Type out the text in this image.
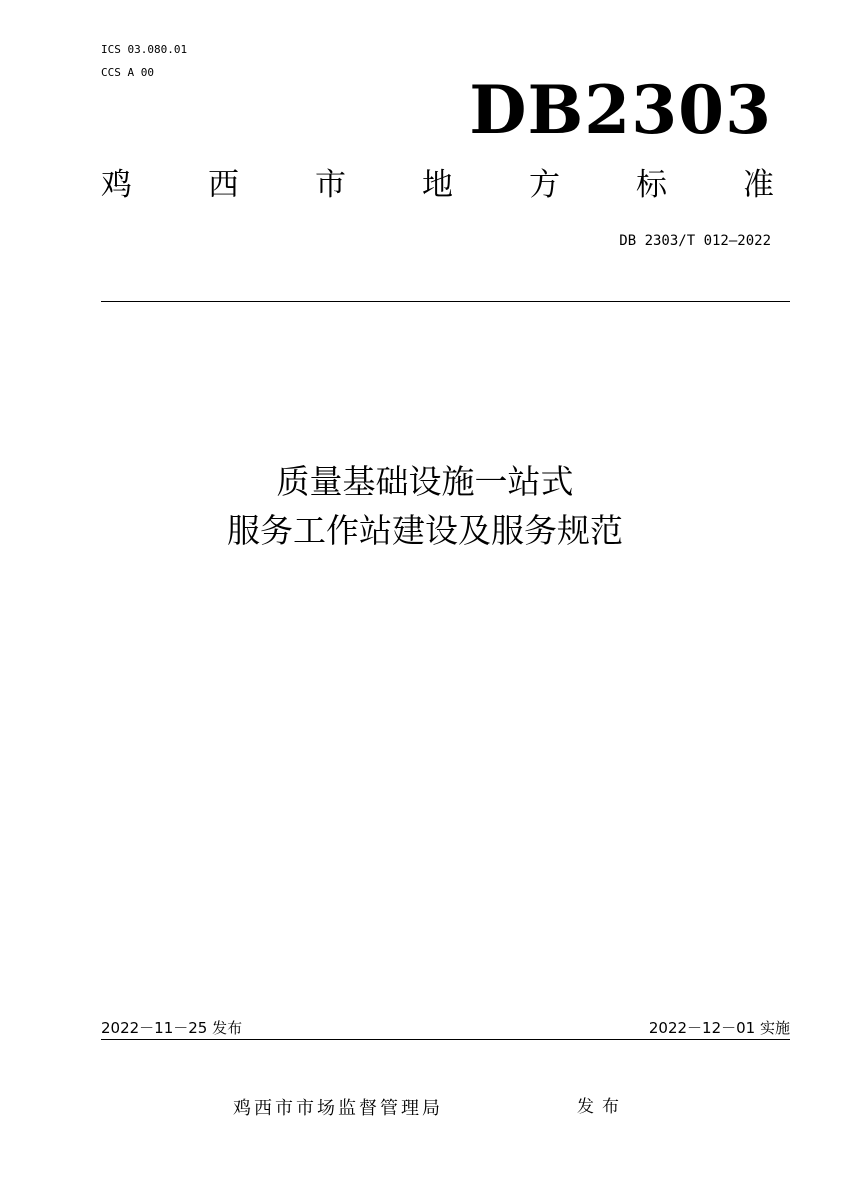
ICS 03.080.01
CCS A 00	DB2303
鸡 西 市 地 方 标 准
DB 2303/T 012—2022
质量基础设施一站式
服务工作站建设及服务规范
2022－11－25 发布	2022－12－01 实施
鸡西市市场监督管理局	发布
